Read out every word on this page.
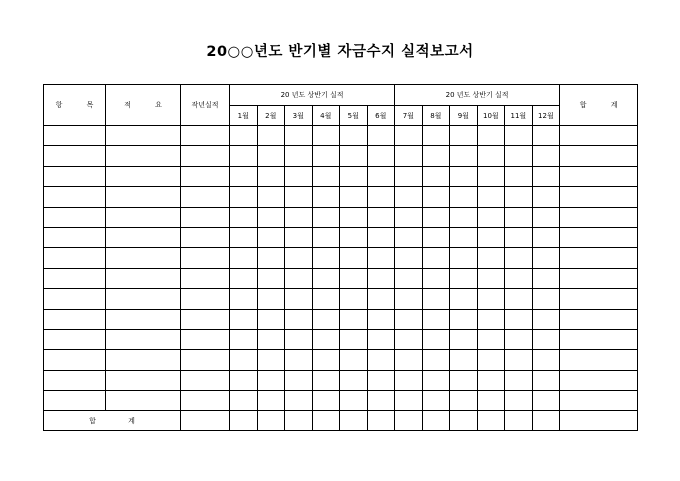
20○○년도 반기별 자금수지 실적보고서
항 목	적 요	작년실적	20 년도 상반기 실적						20 년도 상반기 실적						합 계
			1월	2월	3월	4월	5월	6월	7월	8월	9월	10월	11월	12월	

합 계															
